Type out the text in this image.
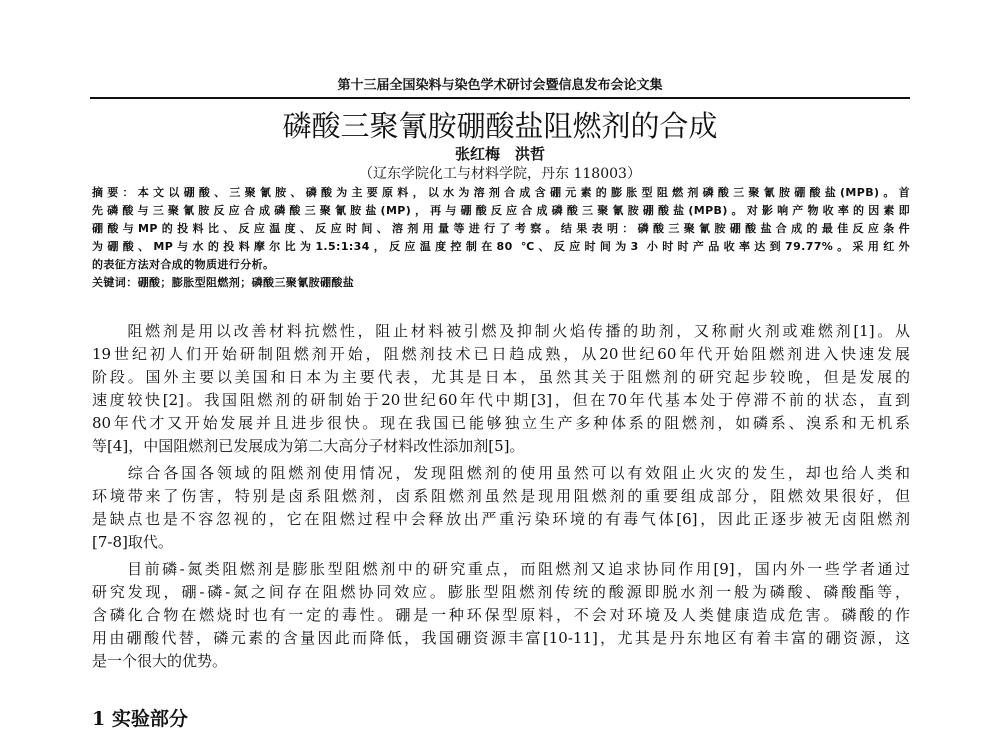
第十三届全国染料与染色学术研讨会暨信息发布会论文集
磷酸三聚氰胺硼酸盐阻燃剂的合成
张红梅　洪哲
（辽东学院化工与材料学院，丹东 118003）
摘要：本文以硼酸、三聚氰胺、磷酸为主要原料，以水为溶剂合成含硼元素的膨胀型阻燃剂磷酸三聚氰胺硼酸盐(MPB)。首
先磷酸与三聚氰胺反应合成磷酸三聚氰胺盐(MP)，再与硼酸反应合成磷酸三聚氰胺硼酸盐(MPB)。对影响产物收率的因素即
硼酸与MP的投料比、反应温度、反应时间、溶剂用量等进行了考察。结果表明：磷酸三聚氰胺硼酸盐合成的最佳反应条件
为硼酸、MP与水的投料摩尔比为1.5:1:34，反应温度控制在80 ℃、反应时间为3 小时时产品收率达到79.77%。采用红外
的表征方法对合成的物质进行分析。
关键词：硼酸；膨胀型阻燃剂；磷酸三聚氰胺硼酸盐
　　阻燃剂是用以改善材料抗燃性，阻止材料被引燃及抑制火焰传播的助剂，又称耐火剂或难燃剂[1]。从
19世纪初人们开始研制阻燃剂开始，阻燃剂技术已日趋成熟，从20世纪60年代开始阻燃剂进入快速发展
阶段。国外主要以美国和日本为主要代表，尤其是日本，虽然其关于阻燃剂的研究起步较晚，但是发展的
速度较快[2]。我国阻燃剂的研制始于20世纪60年代中期[3]，但在70年代基本处于停滞不前的状态，直到
80年代才又开始发展并且进步很快。现在我国已能够独立生产多种体系的阻燃剂，如磷系、溴系和无机系
等[4]，中国阻燃剂已发展成为第二大高分子材料改性添加剂[5]。
　　综合各国各领域的阻燃剂使用情况，发现阻燃剂的使用虽然可以有效阻止火灾的发生，却也给人类和
环境带来了伤害，特别是卤系阻燃剂，卤系阻燃剂虽然是现用阻燃剂的重要组成部分，阻燃效果很好，但
是缺点也是不容忽视的，它在阻燃过程中会释放出严重污染环境的有毒气体[6]，因此正逐步被无卤阻燃剂
[7-8]取代。
　　目前磷-氮类阻燃剂是膨胀型阻燃剂中的研究重点，而阻燃剂又追求协同作用[9]，国内外一些学者通过
研究发现，硼-磷-氮之间存在阻燃协同效应。膨胀型阻燃剂传统的酸源即脱水剂一般为磷酸、磷酸酯等，
含磷化合物在燃烧时也有一定的毒性。硼是一种环保型原料，不会对环境及人类健康造成危害。磷酸的作
用由硼酸代替，磷元素的含量因此而降低，我国硼资源丰富[10-11]，尤其是丹东地区有着丰富的硼资源，这
是一个很大的优势。
1 实验部分
